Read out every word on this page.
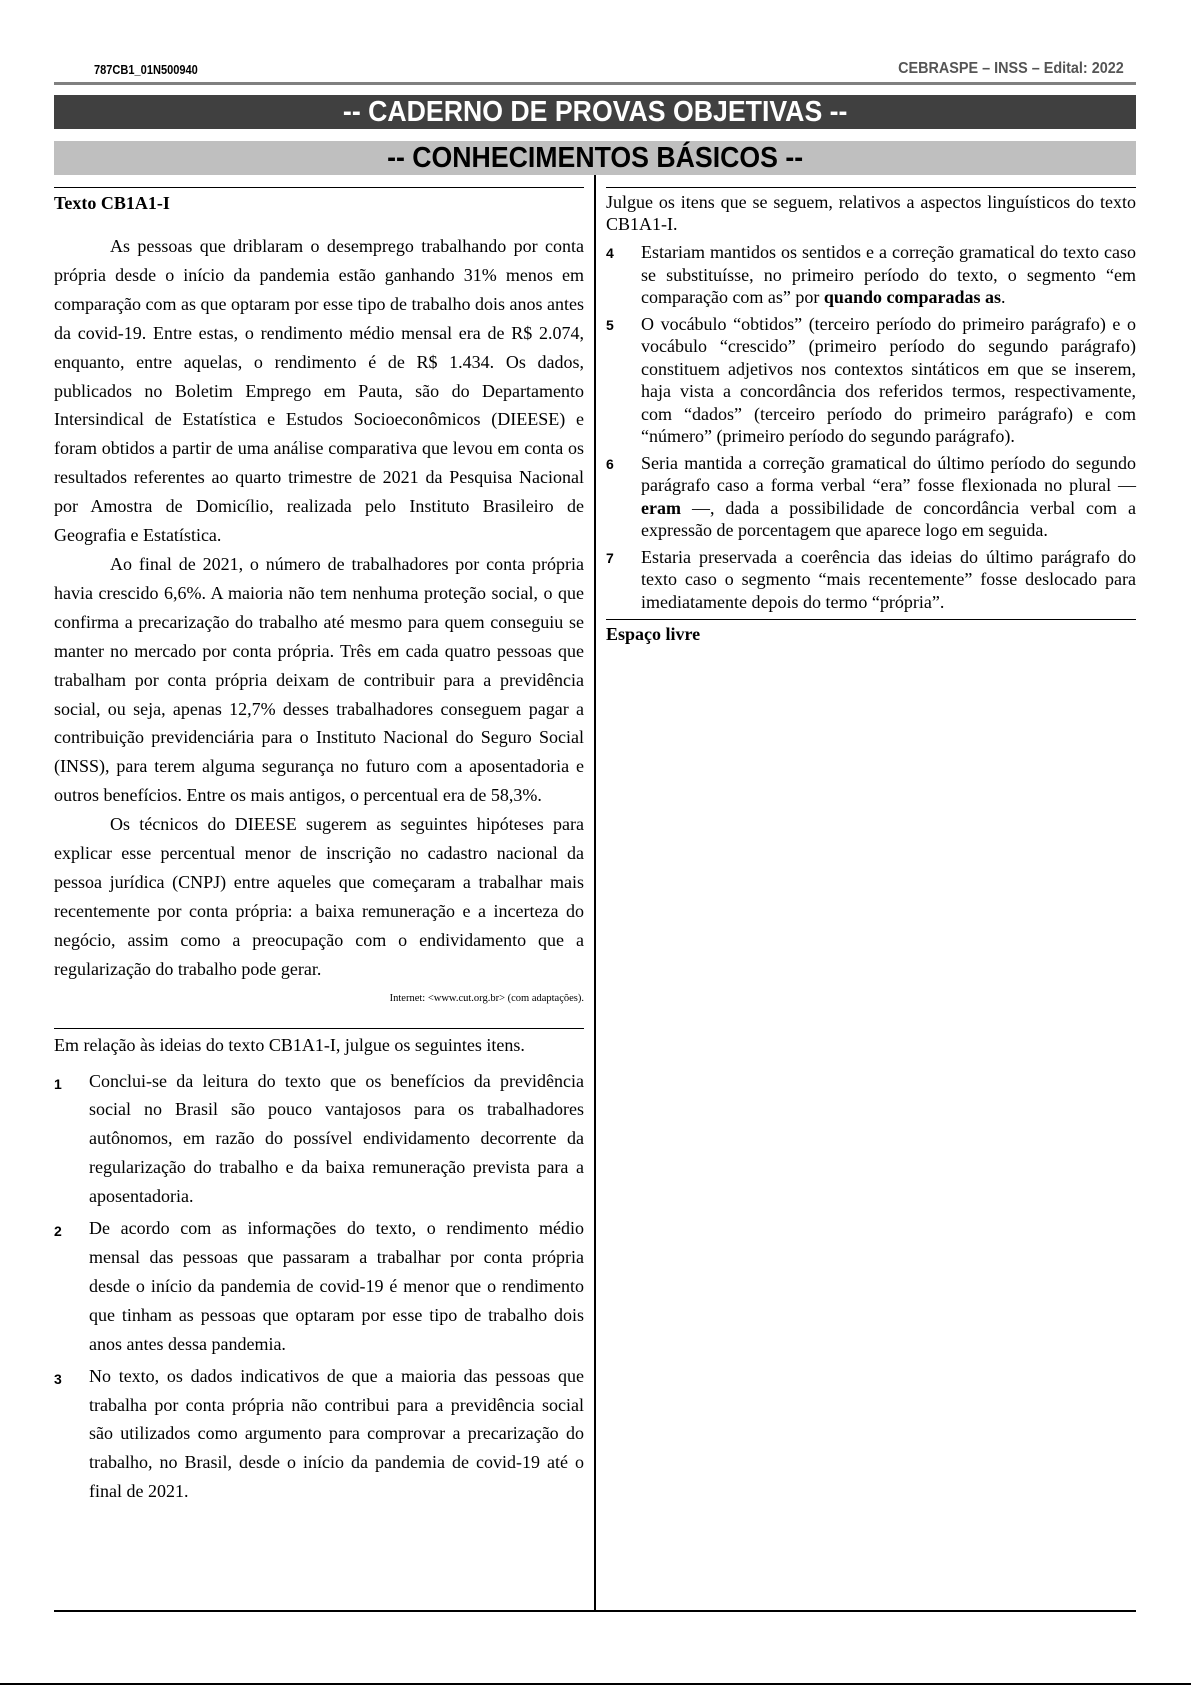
787CB1_01N500940	CEBRASPE – INSS – Edital: 2022
-- CADERNO DE PROVAS OBJETIVAS --
-- CONHECIMENTOS BÁSICOS --
Texto CB1A1-I

As pessoas que driblaram o desemprego trabalhando por conta própria desde o início da pandemia estão ganhando 31% menos em comparação com as que optaram por esse tipo de trabalho dois anos antes da covid-19. Entre estas, o rendimento médio mensal era de R$ 2.074, enquanto, entre aquelas, o rendimento é de R$ 1.434. Os dados, publicados no Boletim Emprego em Pauta, são do Departamento Intersindical de Estatística e Estudos Socioeconômicos (DIEESE) e foram obtidos a partir de uma análise comparativa que levou em conta os resultados referentes ao quarto trimestre de 2021 da Pesquisa Nacional por Amostra de Domicílio, realizada pelo Instituto Brasileiro de Geografia e Estatística.

Ao final de 2021, o número de trabalhadores por conta própria havia crescido 6,6%. A maioria não tem nenhuma proteção social, o que confirma a precarização do trabalho até mesmo para quem conseguiu se manter no mercado por conta própria. Três em cada quatro pessoas que trabalham por conta própria deixam de contribuir para a previdência social, ou seja, apenas 12,7% desses trabalhadores conseguem pagar a contribuição previdenciária para o Instituto Nacional do Seguro Social (INSS), para terem alguma segurança no futuro com a aposentadoria e outros benefícios. Entre os mais antigos, o percentual era de 58,3%.

Os técnicos do DIEESE sugerem as seguintes hipóteses para explicar esse percentual menor de inscrição no cadastro nacional da pessoa jurídica (CNPJ) entre aqueles que começaram a trabalhar mais recentemente por conta própria: a baixa remuneração e a incerteza do negócio, assim como a preocupação com o endividamento que a regularização do trabalho pode gerar.

Internet: <www.cut.org.br> (com adaptações).
Em relação às ideias do texto CB1A1-I, julgue os seguintes itens.
1	Conclui-se da leitura do texto que os benefícios da previdência social no Brasil são pouco vantajosos para os trabalhadores autônomos, em razão do possível endividamento decorrente da regularização do trabalho e da baixa remuneração prevista para a aposentadoria.
2	De acordo com as informações do texto, o rendimento médio mensal das pessoas que passaram a trabalhar por conta própria desde o início da pandemia de covid-19 é menor que o rendimento que tinham as pessoas que optaram por esse tipo de trabalho dois anos antes dessa pandemia.
3	No texto, os dados indicativos de que a maioria das pessoas que trabalha por conta própria não contribui para a previdência social são utilizados como argumento para comprovar a precarização do trabalho, no Brasil, desde o início da pandemia de covid-19 até o final de 2021.
Julgue os itens que se seguem, relativos a aspectos linguísticos do texto CB1A1-I.
4	Estariam mantidos os sentidos e a correção gramatical do texto caso se substituísse, no primeiro período do texto, o segmento “em comparação com as” por quando comparadas as.
5	O vocábulo “obtidos” (terceiro período do primeiro parágrafo) e o vocábulo “crescido” (primeiro período do segundo parágrafo) constituem adjetivos nos contextos sintáticos em que se inserem, haja vista a concordância dos referidos termos, respectivamente, com “dados” (terceiro período do primeiro parágrafo) e com “número” (primeiro período do segundo parágrafo).
6	Seria mantida a correção gramatical do último período do segundo parágrafo caso a forma verbal “era” fosse flexionada no plural — eram —, dada a possibilidade de concordância verbal com a expressão de porcentagem que aparece logo em seguida.
7	Estaria preservada a coerência das ideias do último parágrafo do texto caso o segmento “mais recentemente” fosse deslocado para imediatamente depois do termo “própria”.
Espaço livre
